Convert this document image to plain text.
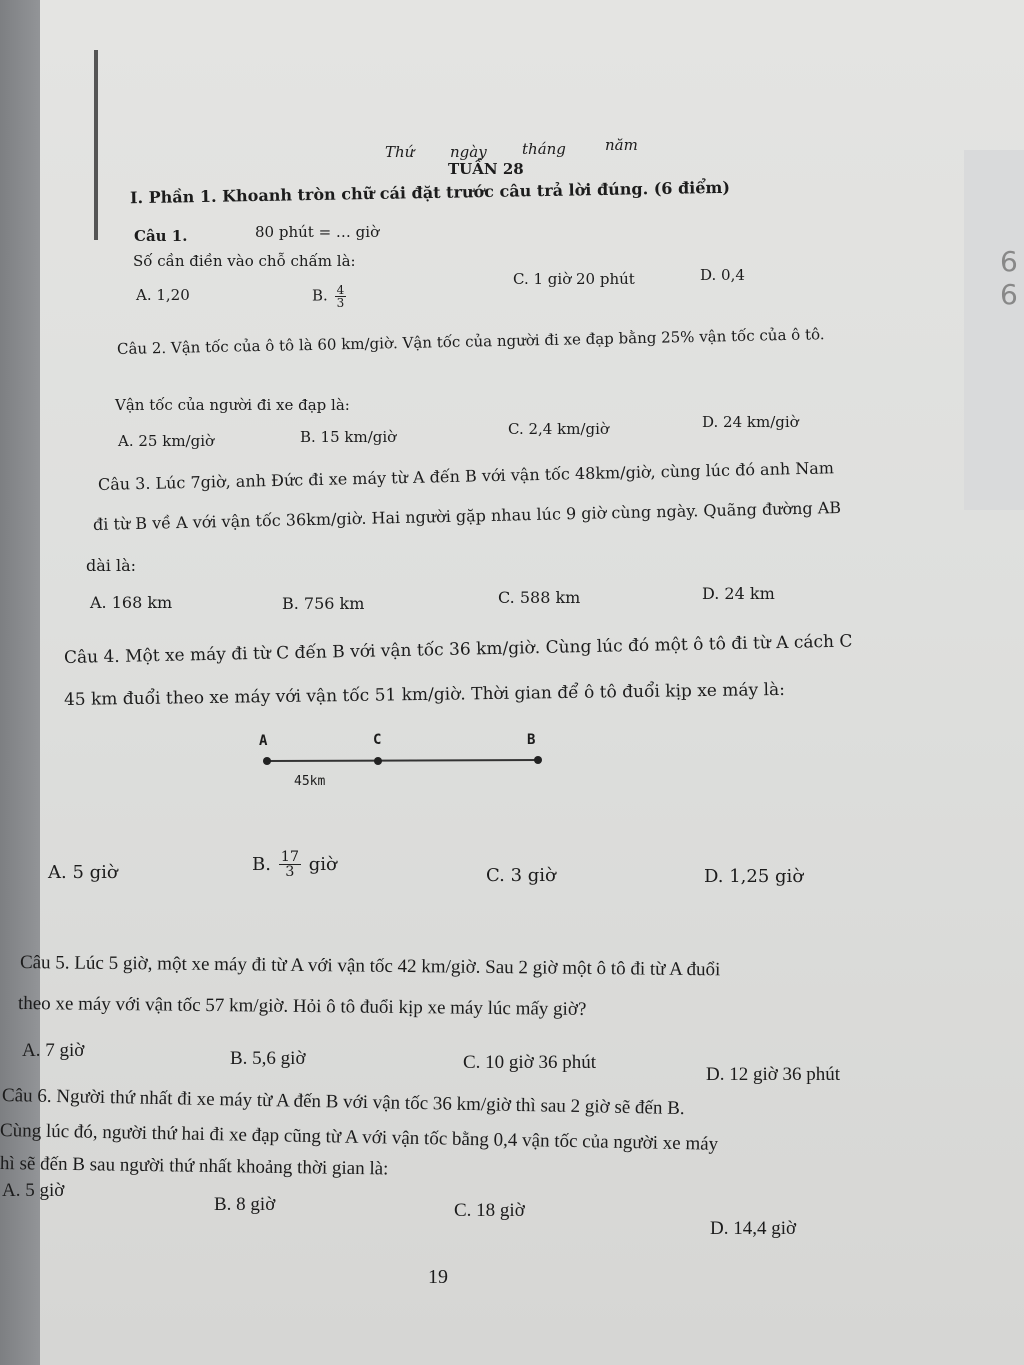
6
6
Thứ ngày tháng	năm
TUẦN 28
I. Phần 1. Khoanh tròn chữ cái đặt trước câu trả lời đúng. (6 điểm)
Câu 1.	80 phút = … giờ
Số cần điền vào chỗ chấm là:
A. 1,20	B. $\frac{4}{3}$
C. 1 giờ 20 phút	D. 0,4
Câu 2. Vận tốc của ô tô là 60 km/giờ. Vận tốc của người đi xe đạp bằng 25% vận tốc của ô tô.
Vận tốc của người đi xe đạp là:
A. 25 km/giờ	B. 15 km/giờ	C. 2,4 km/giờ	D. 24 km/giờ
Câu 3. Lúc 7giờ, anh Đức đi xe máy từ A đến B với vận tốc 48km/giờ, cùng lúc đó anh Nam
đi từ B về A với vận tốc 36km/giờ. Hai người gặp nhau lúc 9 giờ cùng ngày. Quãng đường AB
dài là:
A. 168 km	B. 756 km	C. 588 km	D. 24 km
Câu 4. Một xe máy đi từ C đến B với vận tốc 36 km/giờ. Cùng lúc đó một ô tô đi từ A cách C
45 km đuổi theo xe máy với vận tốc 51 km/giờ. Thời gian để ô tô đuổi kịp xe máy là:
A	C	B
45km
A. 5 giờ	B. $\frac{17}{3}$ giờ
C. 3 giờ	D. 1,25 giờ
Câu 5. Lúc 5 giờ, một xe máy đi từ A với vận tốc 42 km/giờ. Sau 2 giờ một ô tô đi từ A đuổi
theo xe máy với vận tốc 57 km/giờ. Hỏi ô tô đuổi kịp xe máy lúc mấy giờ?
A. 7 giờ	B. 5,6 giờ	C. 10 giờ 36 phút
D. 12 giờ 36 phút
Câu 6. Người thứ nhất đi xe máy từ A đến B với vận tốc 36 km/giờ thì sau 2 giờ sẽ đến B.
Cùng lúc đó, người thứ hai đi xe đạp cũng từ A với vận tốc bằng 0,4 vận tốc của người xe máy
hì sẽ đến B sau người thứ nhất khoảng thời gian là:
A. 5 giờ
B. 8 giờ	C. 18 giờ
D. 14,4 giờ
19
